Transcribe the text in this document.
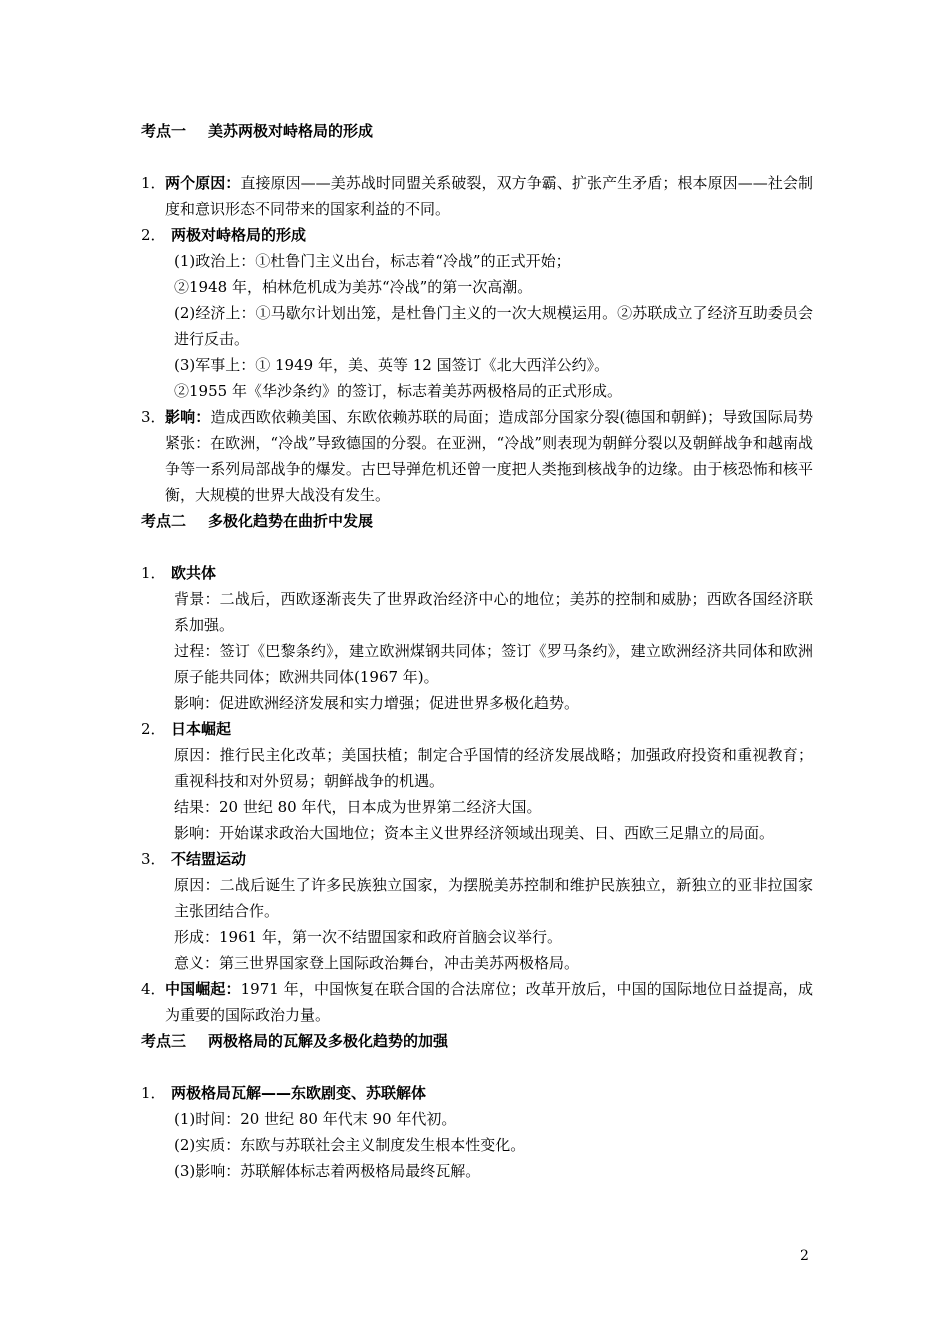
考点一 美苏两极对峙格局的形成
1． 两个原因：直接原因——美苏战时同盟关系破裂，双方争霸、扩张产生矛盾；根本原因——社会制度和意识形态不同带来的国家利益的不同。
2． 两极对峙格局的形成
(1)政治上：①杜鲁门主义出台，标志着“冷战”的正式开始；
②1948 年，柏林危机成为美苏“冷战”的第一次高潮。
(2)经济上：①马歇尔计划出笼，是杜鲁门主义的一次大规模运用。②苏联成立了经济互助委员会进行反击。
(3)军事上：① 1949 年，美、英等 12 国签订《北大西洋公约》。
②1955 年《华沙条约》的签订，标志着美苏两极格局的正式形成。
3． 影响：造成西欧依赖美国、东欧依赖苏联的局面；造成部分国家分裂(德国和朝鲜)；导致国际局势紧张：在欧洲，“冷战”导致德国的分裂。在亚洲，“冷战”则表现为朝鲜分裂以及朝鲜战争和越南战争等一系列局部战争的爆发。古巴导弹危机还曾一度把人类拖到核战争的边缘。由于核恐怖和核平衡，大规模的世界大战没有发生。
考点二 多极化趋势在曲折中发展
1． 欧共体
背景：二战后，西欧逐渐丧失了世界政治经济中心的地位；美苏的控制和威胁；西欧各国经济联系加强。
过程：签订《巴黎条约》，建立欧洲煤钢共同体；签订《罗马条约》，建立欧洲经济共同体和欧洲原子能共同体；欧洲共同体(1967 年)。
影响：促进欧洲经济发展和实力增强；促进世界多极化趋势。
2． 日本崛起
原因：推行民主化改革；美国扶植；制定合乎国情的经济发展战略；加强政府投资和重视教育；重视科技和对外贸易；朝鲜战争的机遇。
结果：20 世纪 80 年代，日本成为世界第二经济大国。
影响：开始谋求政治大国地位；资本主义世界经济领域出现美、日、西欧三足鼎立的局面。
3． 不结盟运动
原因：二战后诞生了许多民族独立国家，为摆脱美苏控制和维护民族独立，新独立的亚非拉国家主张团结合作。
形成：1961 年，第一次不结盟国家和政府首脑会议举行。
意义：第三世界国家登上国际政治舞台，冲击美苏两极格局。
4． 中国崛起：1971 年，中国恢复在联合国的合法席位；改革开放后，中国的国际地位日益提高，成为重要的国际政治力量。
考点三 两极格局的瓦解及多极化趋势的加强
1． 两极格局瓦解——东欧剧变、苏联解体
(1)时间：20 世纪 80 年代末 90 年代初。
(2)实质：东欧与苏联社会主义制度发生根本性变化。
(3)影响：苏联解体标志着两极格局最终瓦解。
2
